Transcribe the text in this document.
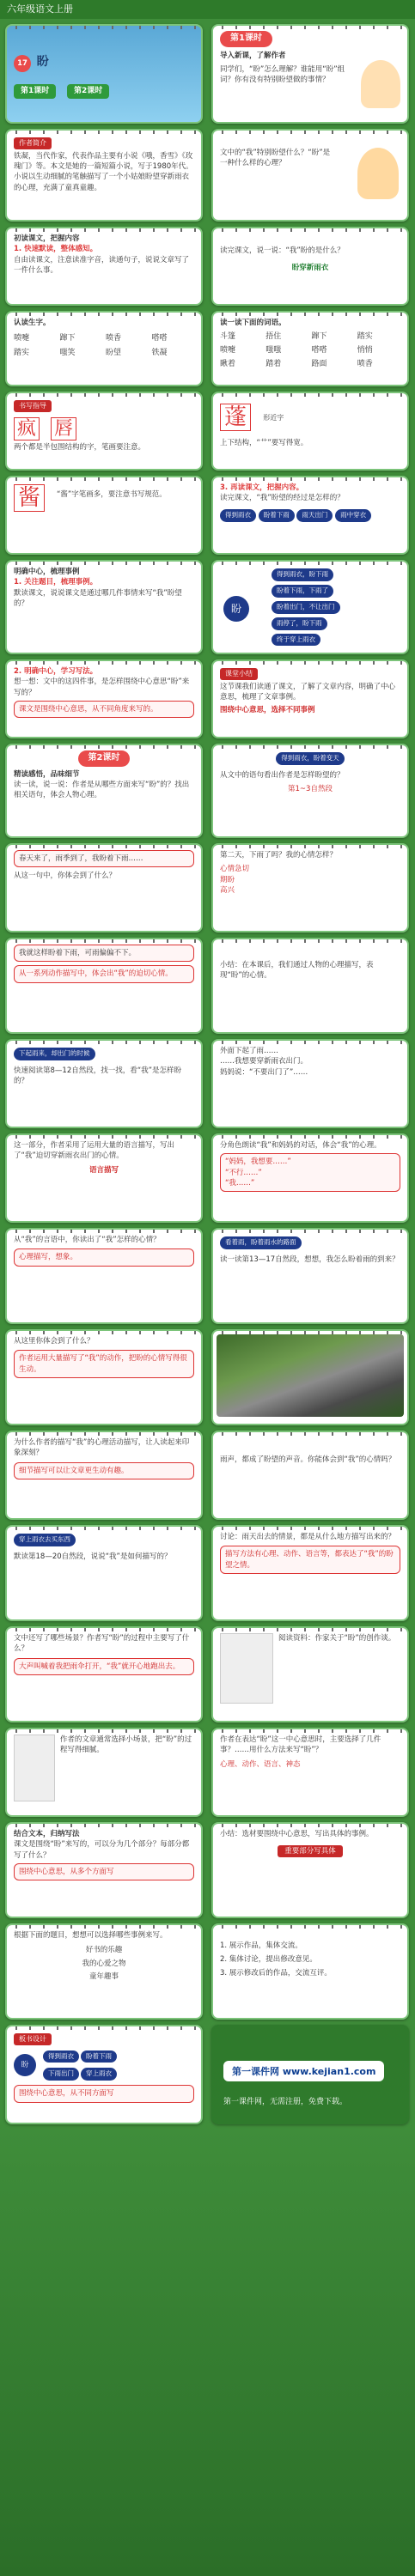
六年级语文上册
17 盼
第1课时	第2课时
第1课时
导入新课，了解作者
同学们，“盼”怎么理解？谁能用“盼”组词？你有没有特别盼望做的事情？
作者简介
铁凝，当代作家，代表作品主要有小说《哦，香雪》《玫瑰门》等。本文是她的一篇短篇小说，写于1980年代。小说以生动细腻的笔触描写了一个小姑娘盼望穿新雨衣的心理，充满了童真童趣。
文中的“我”特别盼望什么？“盼”是一种什么样的心理？
初读课文，把握内容
1. 快速默读，整体感知。
自由读课文，注意读准字音，读通句子，说说文章写了一件什么事。
读完课文，说一说：“我”盼的是什么？
盼穿新雨衣
认读生字。
喷嚏	蹿下	喷香	嗒嗒
踏实	嗤笑	盼望	铁凝
读一读下面的词语。
斗篷	捂住	蹿下	踏实
喷嚏	嗤嗤	嗒嗒	悄悄
瞅着	踏着	路面	喷香
书写指导
疯 唇
两个都是半包围结构的字，笔画要注意。
蓬 形近字
上下结构，“艹”要写得宽。
酱 “酱”字笔画多，要注意书写规范。
3. 再读课文，把握内容。
读完课文，“我”盼望的经过是怎样的？
得到雨衣 盼着下雨 雨天出门 雨中穿衣
明确中心，梳理事例
1. 关注题目，梳理事例。
默读课文，说说课文是通过哪几件事情来写“我”盼望的？	盼
得到雨衣，盼下雨
盼着下雨，下雨了
盼着出门，不让出门
雨停了，盼下雨
终于穿上雨衣
2. 明确中心，学习写法。
想一想：文中的这四件事，是怎样围绕中心意思“盼”来写的？
课文是围绕中心意思，从不同角度来写的。
课堂小结
这节课我们读通了课文，了解了文章内容，明确了中心意思，梳理了文章事例。
围绕中心意思，选择不同事例
第2课时
精读感悟，品味细节
读一读，说一说：作者是从哪些方面来写“盼”的？找出相关语句，体会人物心理。
得到雨衣，盼着变天
从文中的语句看出作者是怎样盼望的？
第1~3自然段
春天来了，雨季到了，我盼着下雨……
从这一句中，你体会到了什么？
第二天，下雨了吗？我的心情怎样？
心情急切
期盼
高兴
我就这样盼着下雨，可雨偏偏不下。
从一系列动作描写中，体会出“我”的迫切心情。
小结：在本课后，我们通过人物的心理描写，表现“盼”的心情。
下起雨来，却出门的时候
快速阅读第8—12自然段，找一找，看“我”是怎样盼的？
外面下起了雨……
……我想要穿新雨衣出门。
妈妈说：“不要出门了”……
这一部分，作者采用了运用大量的语言描写，写出了“我”迫切穿新雨衣出门的心情。
语言描写
分角色朗读“我”和妈妈的对话，体会“我”的心理。
“妈妈，我想要……”
“不行……”
“我……”
从“我”的言语中，你读出了“我”怎样的心情？
心理描写，想象。
看着雨，盼着雨水的路面
读一读第13—17自然段，想想，我怎么盼着雨的到来？
从这里你体会到了什么？
作者运用大量描写了“我”的动作，把盼的心情写得很生动。
为什么作者的描写“我”的心理活动描写，让人读起来印象深刻？
细节描写可以让文章更生动有趣。
雨声，都成了盼望的声音。你能体会到“我”的心情吗？
穿上雨衣去买东西
默读第18—20自然段，说说“我”是如何描写的？
讨论：雨天出去的情景，都是从什么地方描写出来的？
描写方法有心理、动作、语言等，都表达了“我”的盼望之情。
文中还写了哪些场景？作者写“盼”的过程中主要写了什么？
大声叫喊着我把雨伞打开，“我”就开心地跑出去。
阅读资料：作家关于“盼”的创作谈。
作者的文章通常选择小场景，把“盼”的过程写得细腻。
作者在表达“盼”这一中心意思时，主要选择了几件事？……用什么方法来写“盼”？
心理、动作、语言、神态
结合文本，归纳写法
课文是围绕“盼”来写的，可以分为几个部分？每部分都写了什么？
围绕中心意思，从多个方面写
小结：选材要围绕中心意思，写出具体的事例。
重要部分写具体
根据下面的题目，想想可以选择哪些事例来写。
好书的乐趣
我的心爱之物
童年趣事
1. 展示作品，集体交流。
2. 集体讨论，提出修改意见。
3. 展示修改后的作品，交流互评。
板书设计
盼
得到雨衣	盼着下雨
下雨出门	穿上雨衣
围绕中心意思，从不同方面写
第一课件网 www.kejian1.com
第一课件网，无需注册，免费下载。
